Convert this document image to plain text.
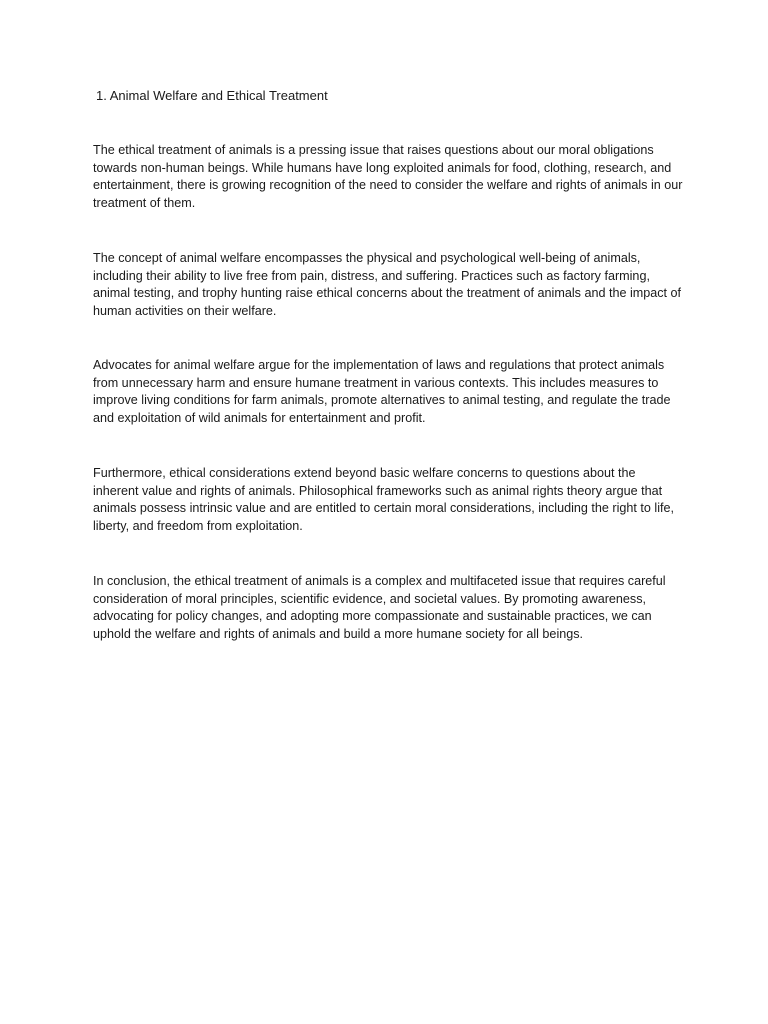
1. Animal Welfare and Ethical Treatment

The ethical treatment of animals is a pressing issue that raises questions about our moral obligations towards non-human beings. While humans have long exploited animals for food, clothing, research, and entertainment, there is growing recognition of the need to consider the welfare and rights of animals in our treatment of them.

The concept of animal welfare encompasses the physical and psychological well-being of animals, including their ability to live free from pain, distress, and suffering. Practices such as factory farming, animal testing, and trophy hunting raise ethical concerns about the treatment of animals and the impact of human activities on their welfare.

Advocates for animal welfare argue for the implementation of laws and regulations that protect animals from unnecessary harm and ensure humane treatment in various contexts. This includes measures to improve living conditions for farm animals, promote alternatives to animal testing, and regulate the trade and exploitation of wild animals for entertainment and profit.

Furthermore, ethical considerations extend beyond basic welfare concerns to questions about the inherent value and rights of animals. Philosophical frameworks such as animal rights theory argue that animals possess intrinsic value and are entitled to certain moral considerations, including the right to life, liberty, and freedom from exploitation.

In conclusion, the ethical treatment of animals is a complex and multifaceted issue that requires careful consideration of moral principles, scientific evidence, and societal values. By promoting awareness, advocating for policy changes, and adopting more compassionate and sustainable practices, we can uphold the welfare and rights of animals and build a more humane society for all beings.
